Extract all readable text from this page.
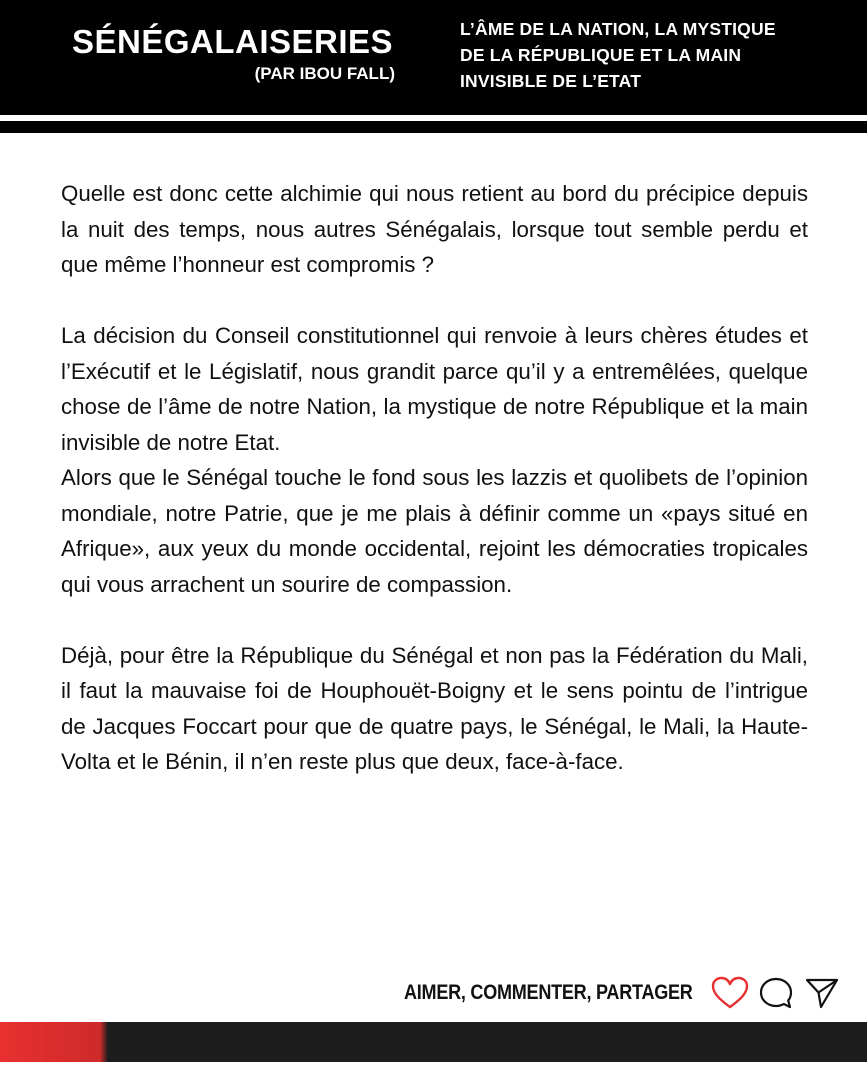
SÉNÉGALAISERIES
(PAR IBOU FALL)
L’ÂME DE LA NATION, LA MYSTIQUE
DE LA RÉPUBLIQUE ET LA MAIN
INVISIBLE DE L’ETAT

Quelle est donc cette alchimie qui nous retient au bord du précipice depuis la nuit des temps, nous autres Sénégalais, lorsque tout semble perdu et que même l’honneur est compromis ?

La décision du Conseil constitutionnel qui renvoie à leurs chères études et l’Exécutif et le Législatif, nous grandit parce qu’il y a entremêlées, quelque chose de l’âme de notre Nation, la mystique de notre République et la main invisible de notre Etat.

Alors que le Sénégal touche le fond sous les lazzis et quolibets de l’opinion mondiale, notre Patrie, que je me plais à définir comme un «pays situé en Afrique», aux yeux du monde occidental, rejoint les démocraties tropicales qui vous arrachent un sourire de compassion.

Déjà, pour être la République du Sénégal et non pas la Fédération du Mali, il faut la mauvaise foi de Houphouët-Boigny et le sens pointu de l’intrigue de Jacques Foccart pour que de quatre pays, le Sénégal, le Mali, la Haute-Volta et le Bénin, il n’en reste plus que deux, face-à-face.

AIMER, COMMENTER, PARTAGER
